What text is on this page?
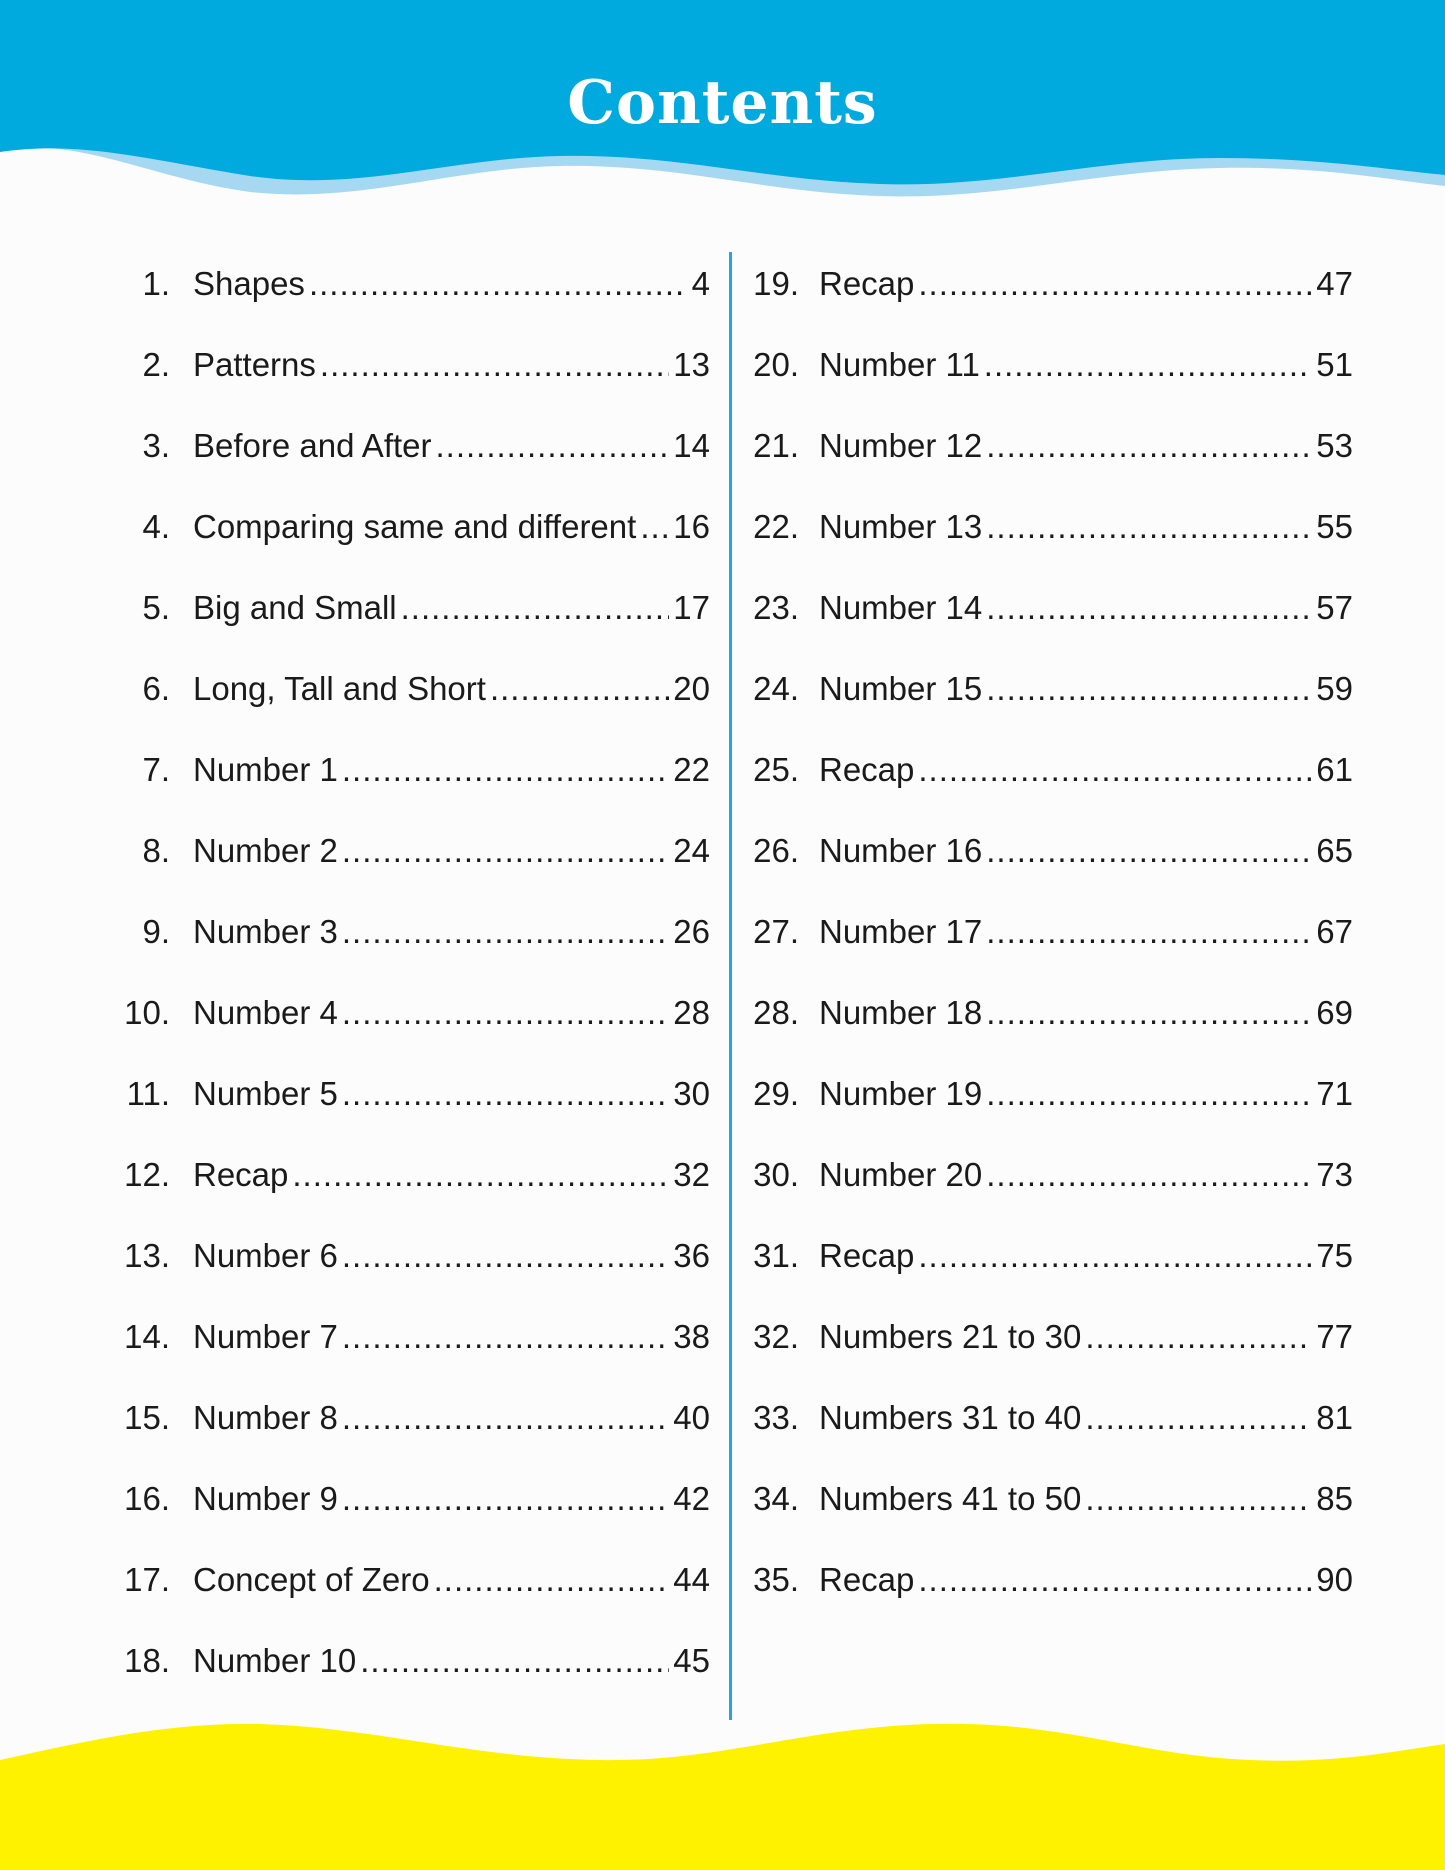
Contents
1. Shapes .....	4
2. Patterns .....	13
3. Before and After .....	14
4. Comparing same and different ..... 16
5. Big and Small .....	17
6. Long, Tall and Short .....	20
7. Number 1 .....	22
8. Number 2 .....	24
9. Number 3 .....	26
10. Number 4 .....	28
11. Number 5 .....	30
12. Recap .....	32
13. Number 6 .....	36
14. Number 7 .....	38
15. Number 8 .....	40
16. Number 9 .....	42
17. Concept of Zero .....	44
18. Number 10 .....	45
19. Recap .....	47
20. Number 11 .....	51
21. Number 12 .....	53
22. Number 13 .....	55
23. Number 14 .....	57
24. Number 15 .....	59
25. Recap .....	61
26. Number 16 .....	65
27. Number 17 .....	67
28. Number 18 .....	69
29. Number 19 .....	71
30. Number 20 .....	73
31. Recap .....	75
32. Numbers 21 to 30 .....	77
33. Numbers 31 to 40 .....	81
34. Numbers 41 to 50 .....	85
35. Recap .....	90
